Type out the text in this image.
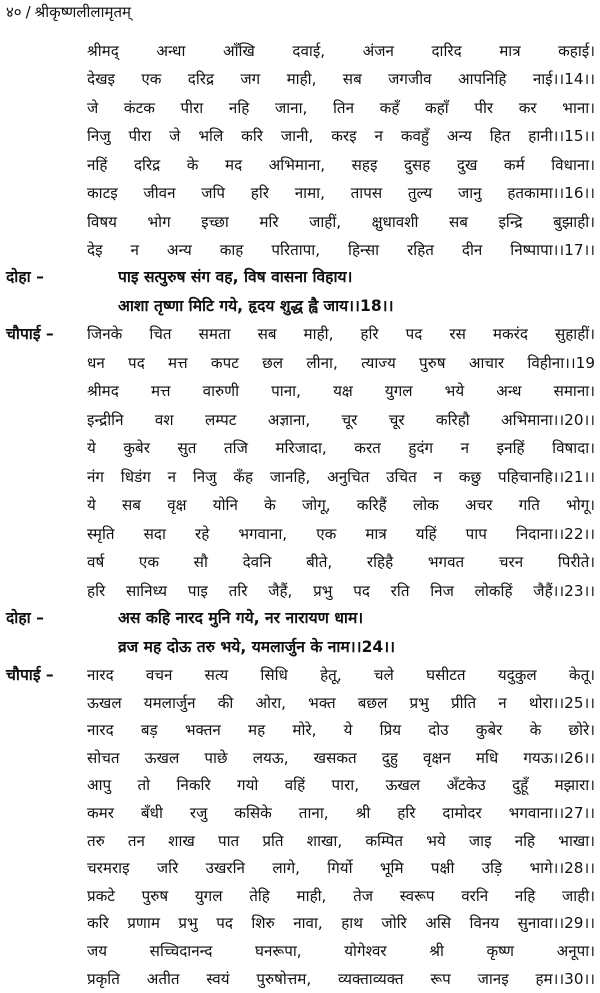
४० / श्रीकृष्णलीलामृतम्
श्रीमद् अन्धा आँखि दवाई, अंजन दारिद मात्र कहाई।
देखइ एक दरिद्र जग माही, सब जगजीव आपनिहि नाई।।14।।
जे कंटक पीरा नहि जाना, तिन कहँ कहाँ पीर कर भाना।
निजु पीरा जे भलि करि जानी, करइ न कवहुँ अन्य हित हानी।।15।।
नहिं दरिद्र के मद अभिमाना, सहइ दुसह दुख कर्म विधाना।
काटइ जीवन जपि हरि नामा, तापस तुल्य जानु हतकामा।।16।।
विषय भोग इच्छा मरि जाहीं, क्षुधावशी सब इन्द्रि बुझाही।
देइ न अन्य काह परितापा, हिन्सा रहित दीन निष्पापा।।17।।
दोहा –	पाइ सत्पुरुष संग वह, विष वासना विहाय।
आशा तृष्णा मिटि गये, हृदय शुद्ध ह्वै जाय।।18।।
चौपाई – जिनके चित समता सब माही, हरि पद रस मकरंद सुहाहीं।
धन पद मत्त कपट छल लीना, त्याज्य पुरुष आचार विहीना।।19
श्रीमद मत्त वारुणी पाना, यक्ष युगल भये अन्ध समाना।
इन्द्रीनि वश लम्पट अज्ञाना, चूर चूर करिहौ अभिमाना।।20।।
ये कुबेर सुत तजि मरिजादा, करत हुदंग न इनहिं विषादा।
नंग धिडंग न निजु कँह जानहि, अनुचित उचित न कछु पहिचानहि।।21।।
ये सब वृक्ष योनि के जोगू, करिहैं लोक अचर गति भोगू।
स्मृति सदा रहे भगवाना, एक मात्र यहिं पाप निदाना।।22।।
वर्ष एक सौ देवनि बीते, रहिहै भगवत चरन पिरीते।
हरि सानिध्य पाइ तरि जैहैं, प्रभु पद रति निज लोकहिं जैहैं।।23।।
दोहा –	अस कहि नारद मुनि गये, नर नारायण धाम।
व्रज मह दोऊ तरु भये, यमलार्जुन के नाम।।24।।
चौपाई – नारद वचन सत्य सिधि हेतू, चले घसीटत यदुकुल केतू।
ऊखल यमलार्जुन की ओरा, भक्त बछल प्रभु प्रीति न थोरा।।25।।
नारद बड़ भक्तन मह मोरे, ये प्रिय दोउ कुबेर के छोरे।
सोचत ऊखल पाछे लयऊ, खसकत दुहु वृक्षन मधि गयऊ।।26।।
आपु तो निकरि गयो वहिं पारा, ऊखल अँटकेउ दुहूँ मझारा।
कमर बँधी रजु कसिके ताना, श्री हरि दामोदर भगवाना।।27।।
तरु तन शाख पात प्रति शाखा, कम्पित भये जाइ नहि भाखा।
चरमराइ जरि उखरनि लागे, गिर्यो भूमि पक्षी उड़ि भागे।।28।।
प्रकटे पुरुष युगल तेहि माही, तेज स्वरूप वरनि नहि जाही।
करि प्रणाम प्रभु पद शिरु नावा, हाथ जोरि असि विनय सुनावा।।29।।
जय सच्चिदानन्द घनरूपा, योगेश्वर श्री कृष्ण अनूपा।
प्रकृति अतीत स्वयं पुरुषोत्तम, व्यक्ताव्यक्त रूप जानइ हम।।30।।
